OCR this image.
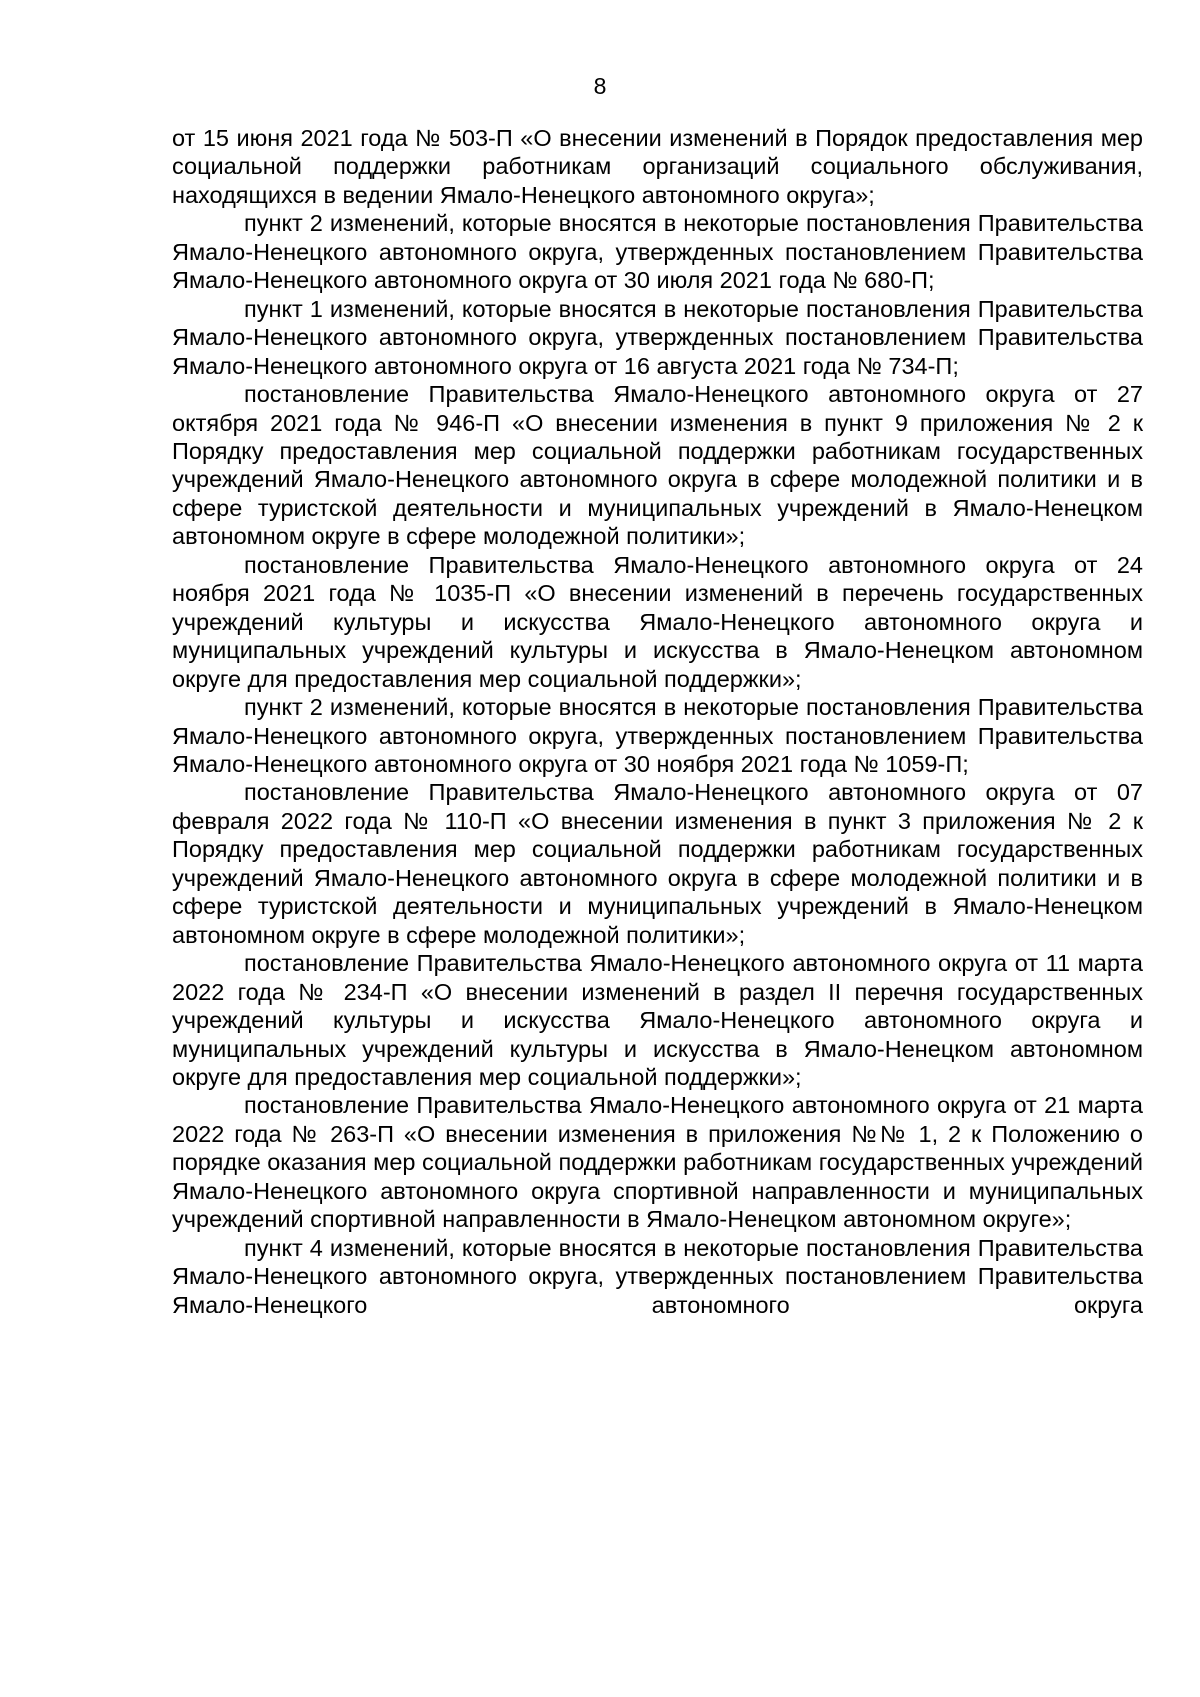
8

от 15 июня 2021 года № 503-П «О внесении изменений в Порядок предоставления мер социальной поддержки работникам организаций социального обслуживания, находящихся в ведении Ямало-Ненецкого автономного округа»;

пункт 2 изменений, которые вносятся в некоторые постановления Правительства Ямало-Ненецкого автономного округа, утвержденных постановлением Правительства Ямало-Ненецкого автономного округа от 30 июля 2021 года № 680-П;

пункт 1 изменений, которые вносятся в некоторые постановления Правительства Ямало-Ненецкого автономного округа, утвержденных постановлением Правительства Ямало-Ненецкого автономного округа от 16 августа 2021 года № 734-П;

постановление Правительства Ямало-Ненецкого автономного округа от 27 октября 2021 года № 946-П «О внесении изменения в пункт 9 приложения № 2 к Порядку предоставления мер социальной поддержки работникам государственных учреждений Ямало-Ненецкого автономного округа в сфере молодежной политики и в сфере туристской деятельности и муниципальных учреждений в Ямало-Ненецком автономном округе в сфере молодежной политики»;

постановление Правительства Ямало-Ненецкого автономного округа от 24 ноября 2021 года № 1035-П «О внесении изменений в перечень государственных учреждений культуры и искусства Ямало-Ненецкого автономного округа и муниципальных учреждений культуры и искусства в Ямало-Ненецком автономном округе для предоставления мер социальной поддержки»;

пункт 2 изменений, которые вносятся в некоторые постановления Правительства Ямало-Ненецкого автономного округа, утвержденных постановлением Правительства Ямало-Ненецкого автономного округа от 30 ноября 2021 года № 1059-П;

постановление Правительства Ямало-Ненецкого автономного округа от 07 февраля 2022 года № 110-П «О внесении изменения в пункт 3 приложения № 2 к Порядку предоставления мер социальной поддержки работникам государственных учреждений Ямало-Ненецкого автономного округа в сфере молодежной политики и в сфере туристской деятельности и муниципальных учреждений в Ямало-Ненецком автономном округе в сфере молодежной политики»;

постановление Правительства Ямало-Ненецкого автономного округа от 11 марта 2022 года № 234-П «О внесении изменений в раздел II перечня государственных учреждений культуры и искусства Ямало-Ненецкого автономного округа и муниципальных учреждений культуры и искусства в Ямало-Ненецком автономном округе для предоставления мер социальной поддержки»;

постановление Правительства Ямало-Ненецкого автономного округа от 21 марта 2022 года № 263-П «О внесении изменения в приложения №№ 1, 2 к Положению о порядке оказания мер социальной поддержки работникам государственных учреждений Ямало-Ненецкого автономного округа спортивной направленности и муниципальных учреждений спортивной направленности в Ямало-Ненецком автономном округе»;

пункт 4 изменений, которые вносятся в некоторые постановления Правительства Ямало-Ненецкого автономного округа, утвержденных постановлением Правительства Ямало-Ненецкого автономного округа
